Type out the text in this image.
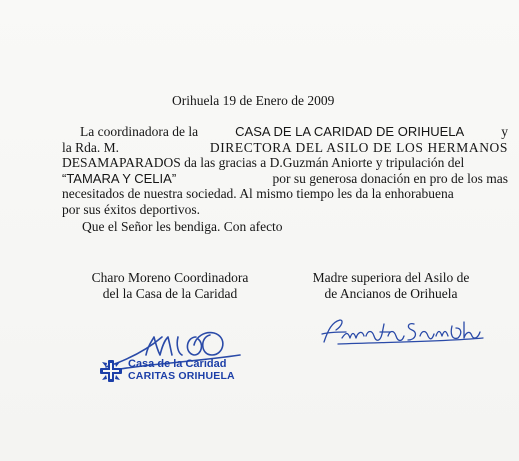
Orihuela 19 de Enero de 2009
La coordinadora de la	CASA DE LA CARIDAD DE ORIHUELA	y
la Rda. M.	DIRECTORA DEL ASILO DE LOS HERMANOS
DESAMAPARADOS da las gracias a D.Guzmán Aniorte y tripulación del
“TAMARA Y CELIA”	por su generosa donación en pro de los mas
necesitados de nuestra sociedad. Al mismo tiempo les da la enhorabuena
por sus éxitos deportivos.
Que el Señor les bendiga. Con afecto
Charo Moreno Coordinadora
del la Casa de la Caridad
Madre superiora del Asilo de
de Ancianos de Orihuela
Casa de la Caridad
CARITAS ORIHUELA
